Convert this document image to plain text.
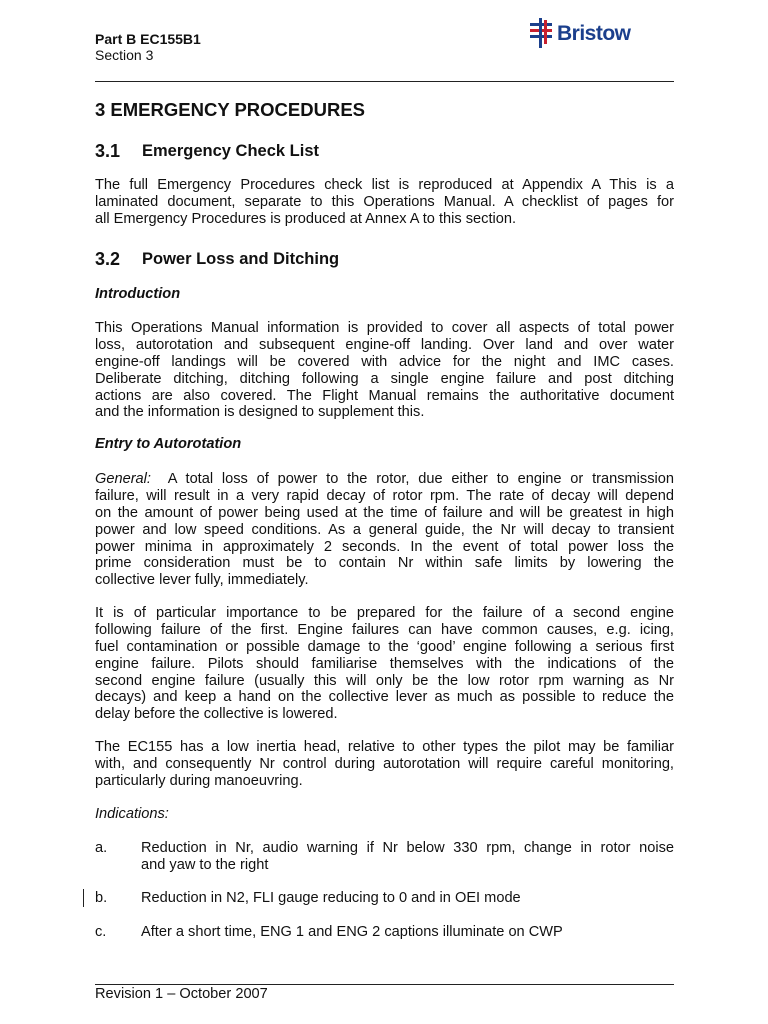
Part B EC155B1
Section 3
Bristow
3 EMERGENCY PROCEDURES
3.1 Emergency Check List
The full Emergency Procedures check list is reproduced at Appendix A This is a
laminated document, separate to this Operations Manual. A checklist of pages for
all Emergency Procedures is produced at Annex A to this section.
3.2 Power Loss and Ditching
Introduction
This Operations Manual information is provided to cover all aspects of total power
loss, autorotation and subsequent engine-off landing. Over land and over water
engine-off landings will be covered with advice for the night and IMC cases.
Deliberate ditching, ditching following a single engine failure and post ditching
actions are also covered. The Flight Manual remains the authoritative document
and the information is designed to supplement this.
Entry to Autorotation
General: A total loss of power to the rotor, due either to engine or transmission
failure, will result in a very rapid decay of rotor rpm. The rate of decay will depend
on the amount of power being used at the time of failure and will be greatest in high
power and low speed conditions. As a general guide, the Nr will decay to transient
power minima in approximately 2 seconds. In the event of total power loss the
prime consideration must be to contain Nr within safe limits by lowering the
collective lever fully, immediately.
It is of particular importance to be prepared for the failure of a second engine
following failure of the first. Engine failures can have common causes, e.g. icing,
fuel contamination or possible damage to the ‘good’ engine following a serious first
engine failure. Pilots should familiarise themselves with the indications of the
second engine failure (usually this will only be the low rotor rpm warning as Nr
decays) and keep a hand on the collective lever as much as possible to reduce the
delay before the collective is lowered.
The EC155 has a low inertia head, relative to other types the pilot may be familiar
with, and consequently Nr control during autorotation will require careful monitoring,
particularly during manoeuvring.
Indications:
a. Reduction in Nr, audio warning if Nr below 330 rpm, change in rotor noise
and yaw to the right
b. Reduction in N2, FLI gauge reducing to 0 and in OEI mode
c. After a short time, ENG 1 and ENG 2 captions illuminate on CWP
Revision 1 – October 2007
